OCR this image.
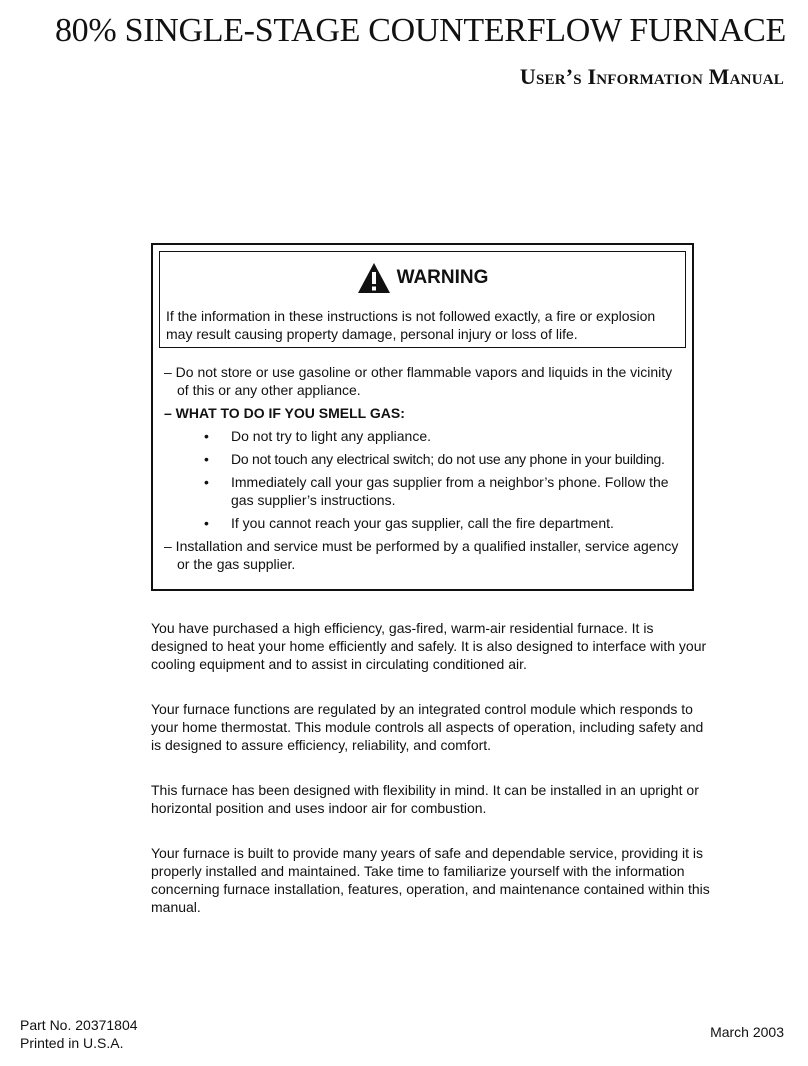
80% SINGLE-STAGE COUNTERFLOW FURNACE
User’s Information Manual
WARNING
If the information in these instructions is not followed exactly, a fire or explosion may result causing property damage, personal injury or loss of life.
– Do not store or use gasoline or other flammable vapors and liquids in the vicinity of this or any other appliance.
– WHAT TO DO IF YOU SMELL GAS:
• Do not try to light any appliance.
• Do not touch any electrical switch; do not use any phone in your building.
• Immediately call your gas supplier from a neighbor’s phone. Follow the gas supplier’s instructions.
• If you cannot reach your gas supplier, call the fire department.
– Installation and service must be performed by a qualified installer, service agency or the gas supplier.

You have purchased a high efficiency, gas-fired, warm-air residential furnace. It is designed to heat your home efficiently and safely. It is also designed to interface with your cooling equipment and to assist in circulating conditioned air.

Your furnace functions are regulated by an integrated control module which responds to your home thermostat. This module controls all aspects of operation, including safety and is designed to assure efficiency, reliability, and comfort.

This furnace has been designed with flexibility in mind. It can be installed in an upright or horizontal position and uses indoor air for combustion.

Your furnace is built to provide many years of safe and dependable service, providing it is properly installed and maintained. Take time to familiarize yourself with the information concerning furnace installation, features, operation, and maintenance contained within this manual.

Part No. 20371804
Printed in U.S.A.
March 2003
